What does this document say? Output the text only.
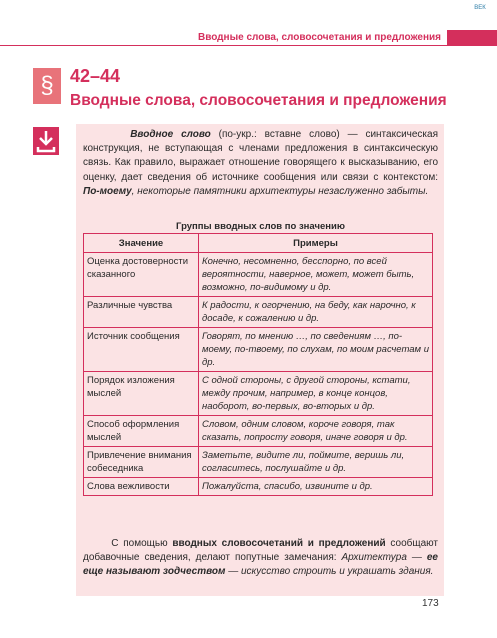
ВЕК
Вводные слова, словосочетания и предложения
§ 42–44
Вводные слова, словосочетания и предложения
Вводное слово (по-укр.: вставне слово) — синтаксическая конструкция, не вступающая с членами предложения в синтаксическую связь. Как правило, выражает отношение говорящего к высказыванию, его оценку, дает сведения об источнике сообщения или связи с контекстом: По-моему, некоторые памятники архитектуры незаслуженно забыты.
Группы вводных слов по значению
Значение	Примеры
Оценка достоверности сказанного	Конечно, несомненно, бесспорно, по всей вероятности, наверное, может, может быть, возможно, по-видимому и др.
Различные чувства	К радости, к огорчению, на беду, как нарочно, к досаде, к сожалению и др.
Источник сообщения	Говорят, по мнению …, по сведениям …, по-моему, по-твоему, по слухам, по моим расчетам и др.
Порядок изложения мыслей	С одной стороны, с другой стороны, кстати, между прочим, например, в конце концов, наоборот, во-первых, во-вторых и др.
Способ оформления мыслей	Словом, одним словом, короче говоря, так сказать, попросту говоря, иначе говоря и др.
Привлечение внимания собеседника	Заметьте, видите ли, поймите, веришь ли, согласитесь, послушайте и др.
Слова вежливости	Пожалуйста, спасибо, извините и др.
С помощью вводных словосочетаний и предложений сообщают добавочные сведения, делают попутные замечания: Архитектура — ее еще называют зодчеством — искусство строить и украшать здания.
173
